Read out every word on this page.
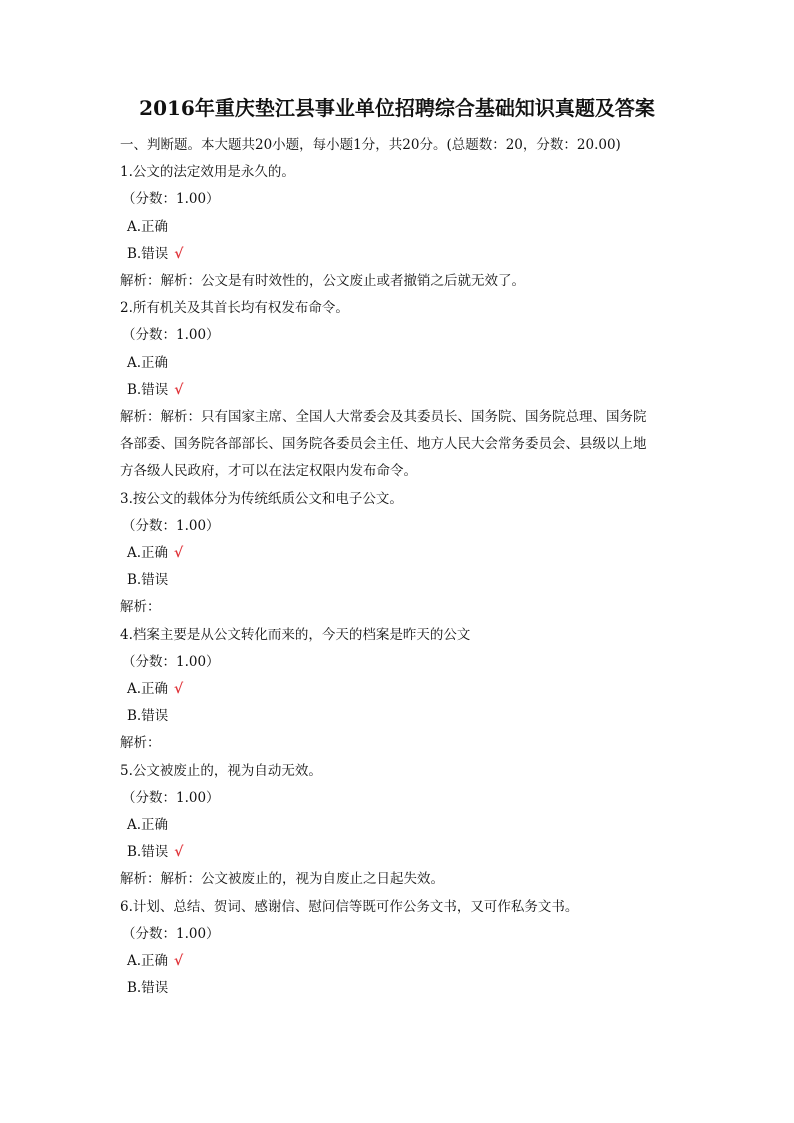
2016年重庆垫江县事业单位招聘综合基础知识真题及答案
一、判断题。本大题共20小题，每小题1分，共20分。(总题数：20，分数：20.00)
1.公文的法定效用是永久的。
（分数：1.00）
A.正确
B.错误 √
解析：解析：公文是有时效性的，公文废止或者撤销之后就无效了。
2.所有机关及其首长均有权发布命令。
（分数：1.00）
A.正确
B.错误 √
解析：解析：只有国家主席、全国人大常委会及其委员长、国务院、国务院总理、国务院
各部委、国务院各部部长、国务院各委员会主任、地方人民大会常务委员会、县级以上地
方各级人民政府，才可以在法定权限内发布命令。
3.按公文的载体分为传统纸质公文和电子公文。
（分数：1.00）
A.正确 √
B.错误
解析：
4.档案主要是从公文转化而来的，今天的档案是昨天的公文
（分数：1.00）
A.正确 √
B.错误
解析：
5.公文被废止的，视为自动无效。
（分数：1.00）
A.正确
B.错误 √
解析：解析：公文被废止的，视为自废止之日起失效。
6.计划、总结、贺词、感谢信、慰问信等既可作公务文书，又可作私务文书。
（分数：1.00）
A.正确 √
B.错误
